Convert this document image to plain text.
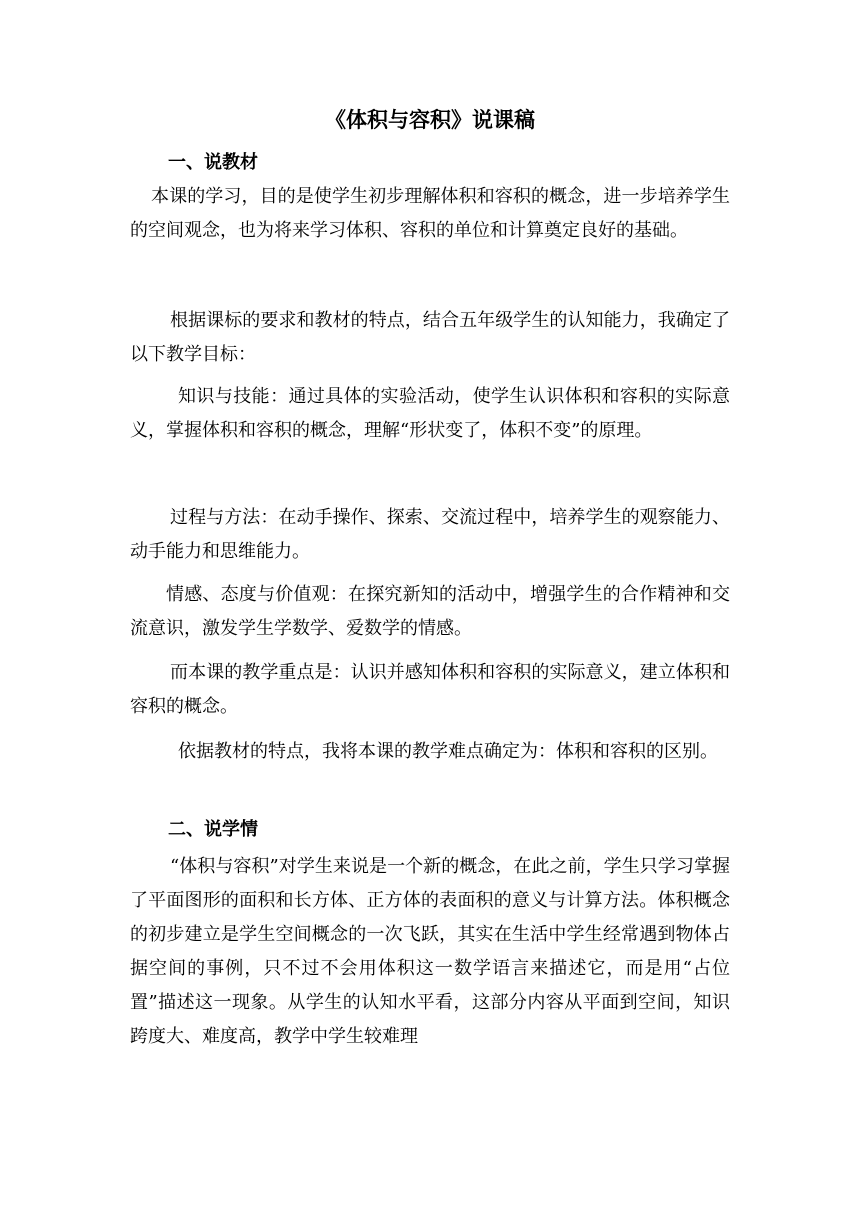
《体积与容积》说课稿
一、说教材

本课的学习，目的是使学生初步理解体积和容积的概念，进一步培养学生的空间观念，也为将来学习体积、容积的单位和计算奠定良好的基础。

根据课标的要求和教材的特点，结合五年级学生的认知能力，我确定了以下教学目标：

知识与技能：通过具体的实验活动，使学生认识体积和容积的实际意义，掌握体积和容积的概念，理解“形状变了，体积不变”的原理。

过程与方法：在动手操作、探索、交流过程中，培养学生的观察能力、动手能力和思维能力。

情感、态度与价值观：在探究新知的活动中，增强学生的合作精神和交流意识，激发学生学数学、爱数学的情感。

而本课的教学重点是：认识并感知体积和容积的实际意义，建立体积和容积的概念。

依据教材的特点，我将本课的教学难点确定为：体积和容积的区别。

二、说学情

“体积与容积”对学生来说是一个新的概念，在此之前，学生只学习掌握了平面图形的面积和长方体、正方体的表面积的意义与计算方法。体积概念的初步建立是学生空间概念的一次飞跃，其实在生活中学生经常遇到物体占据空间的事例，只不过不会用体积这一数学语言来描述它，而是用“占位置”描述这一现象。从学生的认知水平看，这部分内容从平面到空间，知识跨度大、难度高，教学中学生较难理
